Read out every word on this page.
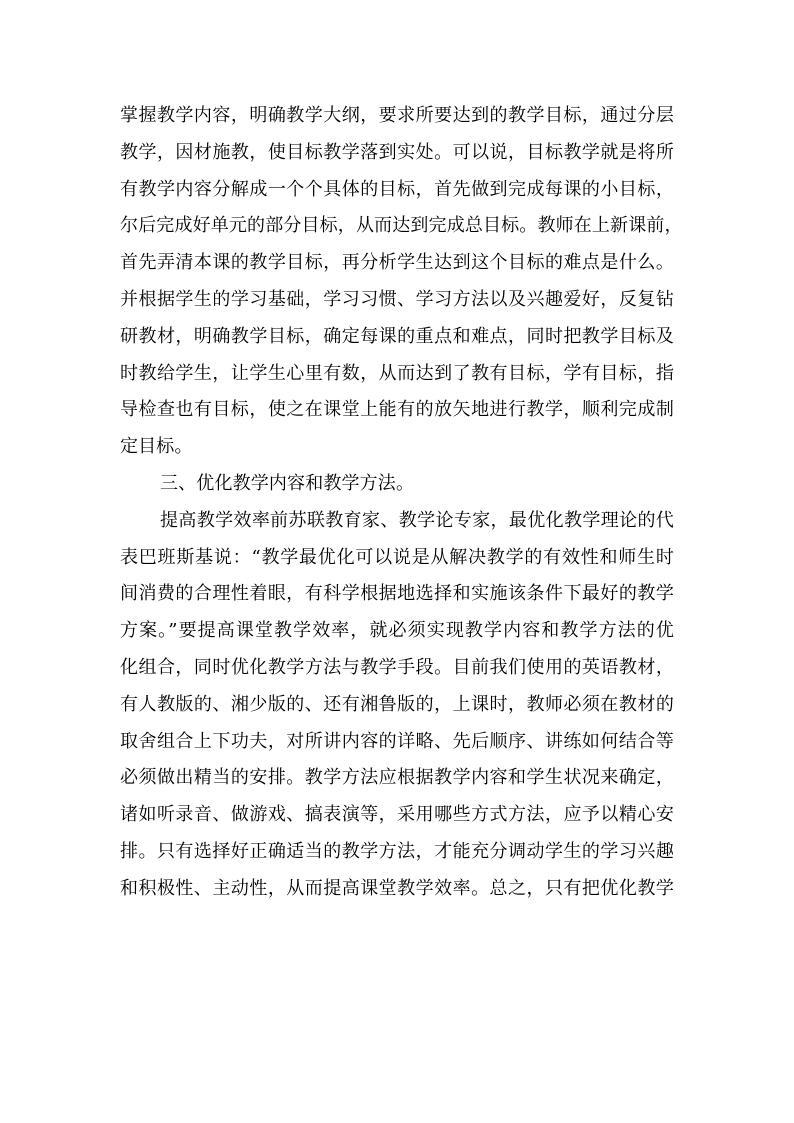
掌握教学内容，明确教学大纲，要求所要达到的教学目标，通过分层
教学，因材施教，使目标教学落到实处。可以说，目标教学就是将所
有教学内容分解成一个个具体的目标，首先做到完成每课的小目标，
尔后完成好单元的部分目标，从而达到完成总目标。教师在上新课前，
首先弄清本课的教学目标，再分析学生达到这个目标的难点是什么。
并根据学生的学习基础，学习习惯、学习方法以及兴趣爱好，反复钻
研教材，明确教学目标，确定每课的重点和难点，同时把教学目标及
时教给学生，让学生心里有数，从而达到了教有目标，学有目标，指
导检查也有目标，使之在课堂上能有的放矢地进行教学，顺利完成制
定目标。
三、优化教学内容和教学方法。
提高教学效率前苏联教育家、教学论专家，最优化教学理论的代
表巴班斯基说：“教学最优化可以说是从解决教学的有效性和师生时
间消费的合理性着眼，有科学根据地选择和实施该条件下最好的教学
方案。”要提高课堂教学效率，就必须实现教学内容和教学方法的优
化组合，同时优化教学方法与教学手段。目前我们使用的英语教材，
有人教版的、湘少版的、还有湘鲁版的，上课时，教师必须在教材的
取舍组合上下功夫，对所讲内容的详略、先后顺序、讲练如何结合等
必须做出精当的安排。教学方法应根据教学内容和学生状况来确定，
诸如听录音、做游戏、搞表演等，采用哪些方式方法，应予以精心安
排。只有选择好正确适当的教学方法，才能充分调动学生的学习兴趣
和积极性、主动性，从而提高课堂教学效率。总之，只有把优化教学
